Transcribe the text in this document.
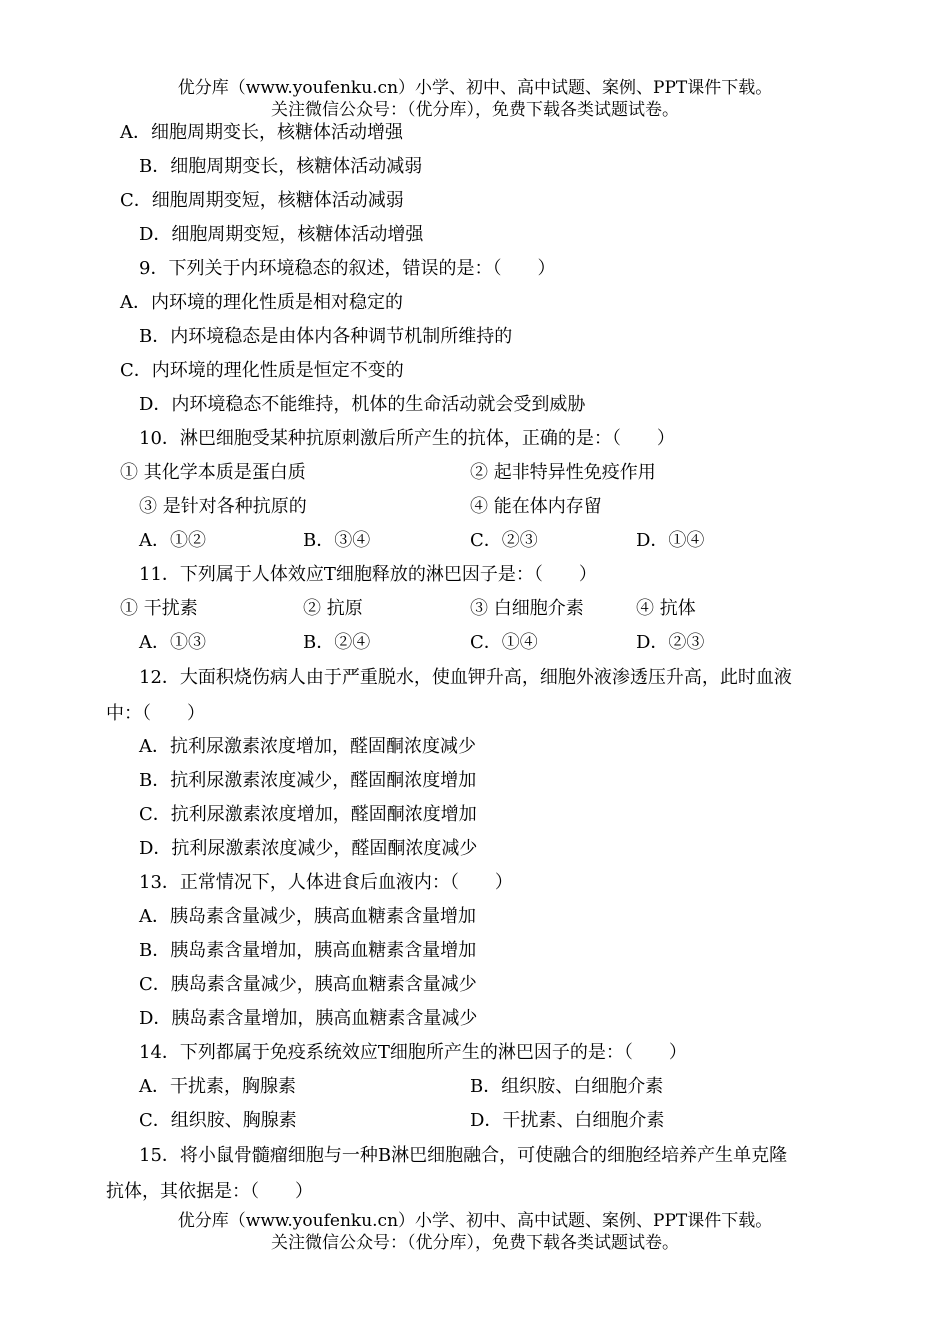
优分库（www.youfenku.cn）小学、初中、高中试题、案例、PPT课件下载。
关注微信公众号：（优分库），免费下载各类试题试卷。
A．细胞周期变长，核糖体活动增强
B．细胞周期变长，核糖体活动减弱
C．细胞周期变短，核糖体活动减弱
D．细胞周期变短，核糖体活动增强
9．下列关于内环境稳态的叙述，错误的是：（　　）
A．内环境的理化性质是相对稳定的
B．内环境稳态是由体内各种调节机制所维持的
C．内环境的理化性质是恒定不变的
D．内环境稳态不能维持，机体的生命活动就会受到威胁
10．淋巴细胞受某种抗原刺激后所产生的抗体，正确的是：（　　）
① 其化学本质是蛋白质	② 起非特异性免疫作用
③ 是针对各种抗原的	④ 能在体内存留
A．①②	B．③④	C．②③	D．①④
11．下列属于人体效应T细胞释放的淋巴因子是：（　　）
① 干扰素	② 抗原	③ 白细胞介素	④ 抗体
A．①③	B．②④	C．①④	D．②③
12．大面积烧伤病人由于严重脱水，使血钾升高，细胞外液渗透压升高，此时血液
中：（　　）
A．抗利尿激素浓度增加，醛固酮浓度减少
B．抗利尿激素浓度减少，醛固酮浓度增加
C．抗利尿激素浓度增加，醛固酮浓度增加
D．抗利尿激素浓度减少，醛固酮浓度减少
13．正常情况下，人体进食后血液内：（　　）
A．胰岛素含量减少，胰高血糖素含量增加
B．胰岛素含量增加，胰高血糖素含量增加
C．胰岛素含量减少，胰高血糖素含量减少
D．胰岛素含量增加，胰高血糖素含量减少
14．下列都属于免疫系统效应T细胞所产生的淋巴因子的是：（　　）
A．干扰素，胸腺素	B．组织胺、白细胞介素
C．组织胺、胸腺素	D．干扰素、白细胞介素
15．将小鼠骨髓瘤细胞与一种B淋巴细胞融合，可使融合的细胞经培养产生单克隆
抗体，其依据是：（　　）
优分库（www.youfenku.cn）小学、初中、高中试题、案例、PPT课件下载。
关注微信公众号：（优分库），免费下载各类试题试卷。
